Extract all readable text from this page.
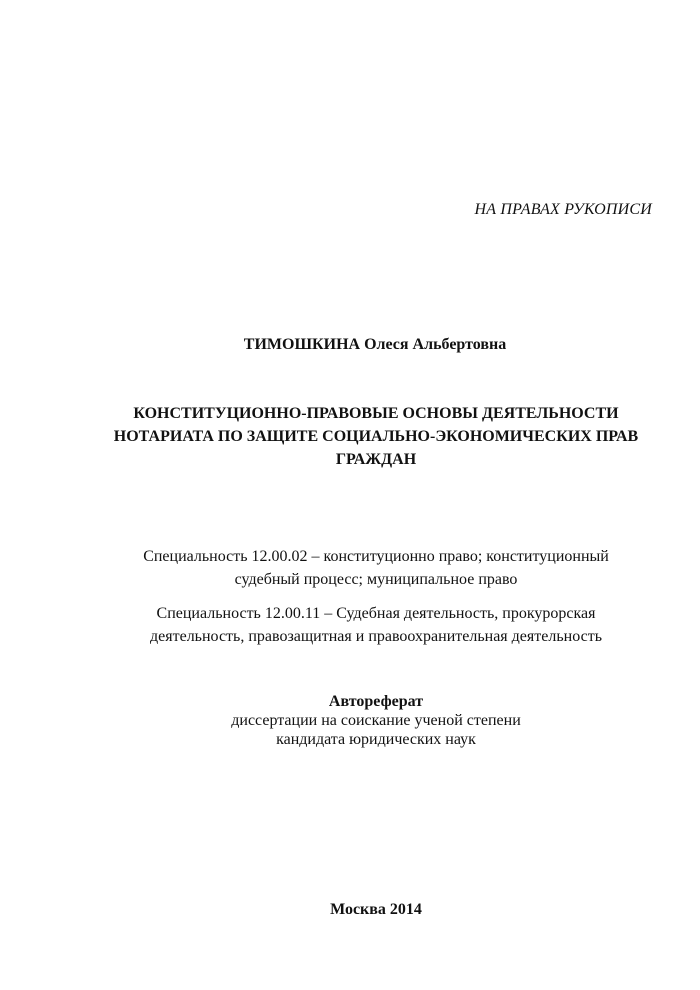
НА ПРАВАХ РУКОПИСИ
ТИМОШКИНА Олеся Альбертовна
КОНСТИТУЦИОННО-ПРАВОВЫЕ ОСНОВЫ ДЕЯТЕЛЬНОСТИ
НОТАРИАТА ПО ЗАЩИТЕ СОЦИАЛЬНО-ЭКОНОМИЧЕСКИХ ПРАВ
ГРАЖДАН
Специальность 12.00.02 – конституционно право; конституционный
судебный процесс; муниципальное право
Специальность 12.00.11 – Судебная деятельность, прокурорская
деятельность, правозащитная и правоохранительная деятельность
Автореферат
диссертации на соискание ученой степени
кандидата юридических наук
Москва 2014
